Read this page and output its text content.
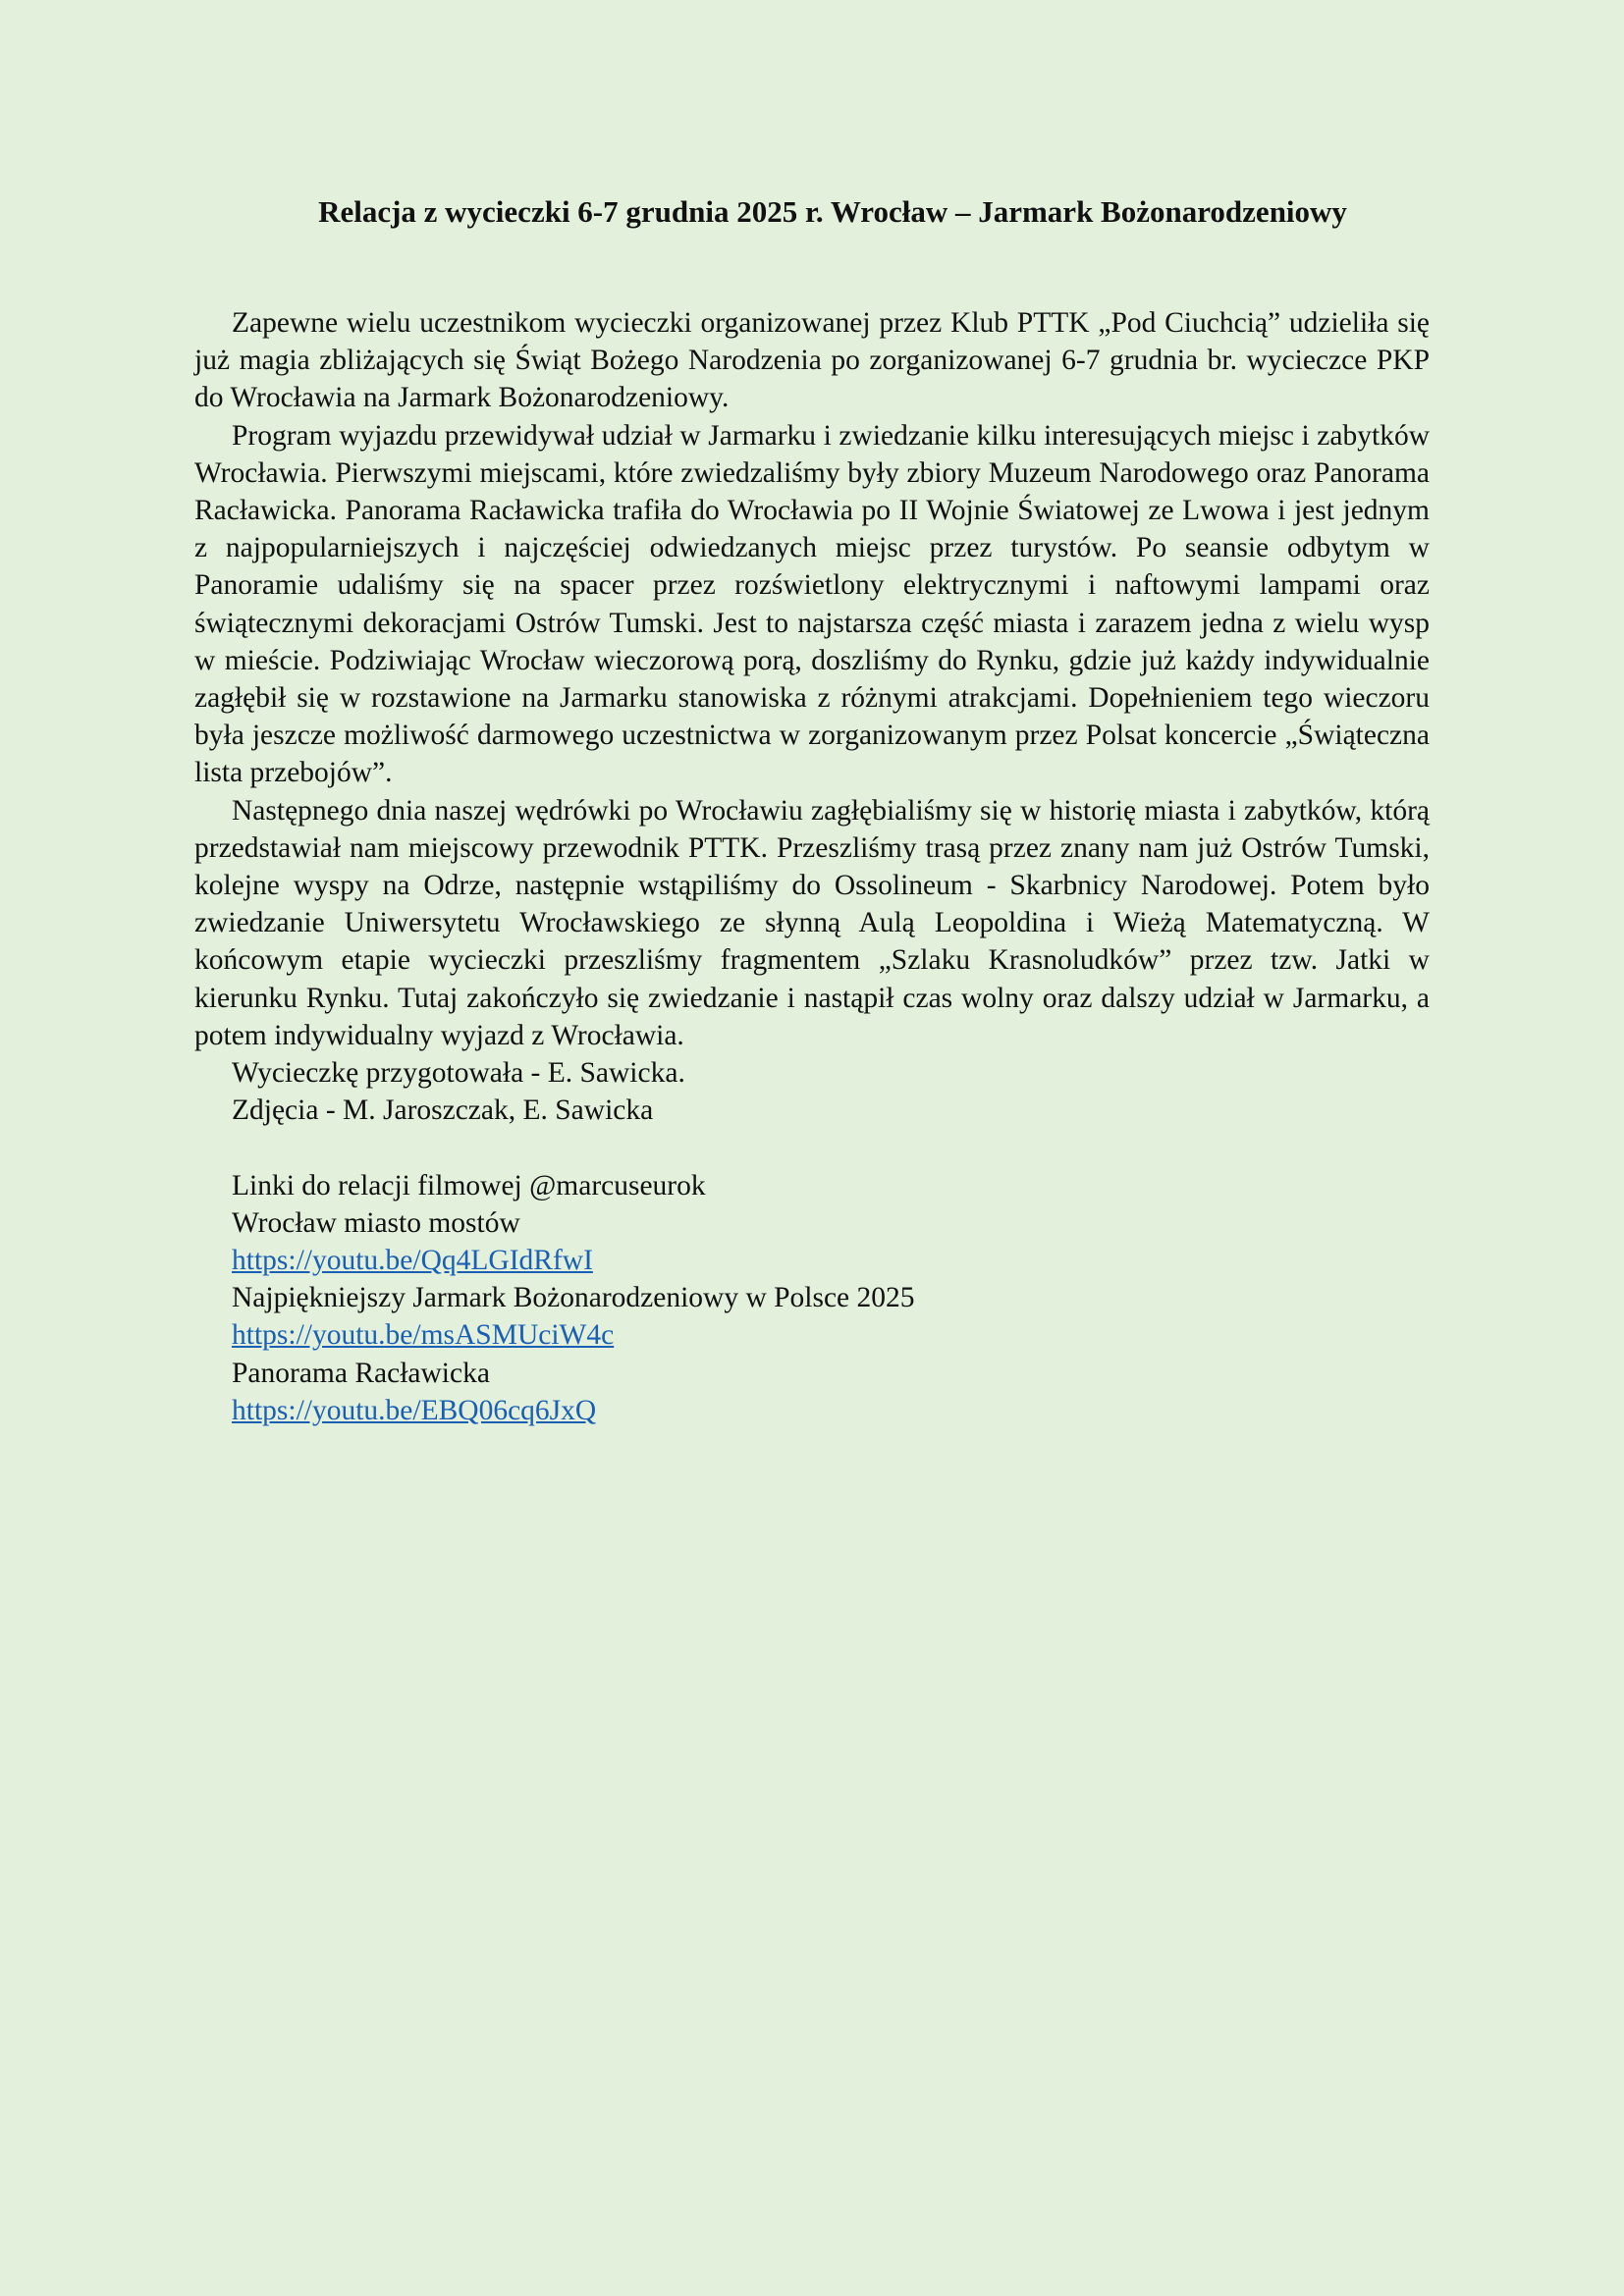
Relacja z wycieczki 6-7 grudnia 2025 r. Wrocław – Jarmark Bożonarodzeniowy

Zapewne wielu uczestnikom wycieczki organizowanej przez Klub PTTK „Pod Ciuchcią” udzieliła się już magia zbliżających się Świąt Bożego Narodzenia po zorganizowanej 6-7 grudnia br. wycieczce PKP do Wrocławia na Jarmark Bożonarodzeniowy.

Program wyjazdu przewidywał udział w Jarmarku i zwiedzanie kilku interesujących miejsc i zabytków Wrocławia. Pierwszymi miejscami, które zwiedzaliśmy były zbiory Muzeum Narodowego oraz Panorama Racławicka. Panorama Racławicka trafiła do Wrocławia po II Wojnie Światowej ze Lwowa i jest jednym z najpopularniejszych i najczęściej odwiedzanych miejsc przez turystów. Po seansie odbytym w Panoramie udaliśmy się na spacer przez rozświetlony elektrycznymi i naftowymi lampami oraz świątecznymi dekoracjami Ostrów Tumski. Jest to najstarsza część miasta i zarazem jedna z wielu wysp w mieście. Podziwiając Wrocław wieczorową porą, doszliśmy do Rynku, gdzie już każdy indywidualnie zagłębił się w rozstawione na Jarmarku stanowiska z różnymi atrakcjami. Dopełnieniem tego wieczoru była jeszcze możliwość darmowego uczestnictwa w zorganizowanym przez Polsat koncercie „Świąteczna lista przebojów”.

Następnego dnia naszej wędrówki po Wrocławiu zagłębialiśmy się w historię miasta i zabytków, którą przedstawiał nam miejscowy przewodnik PTTK. Przeszliśmy trasą przez znany nam już Ostrów Tumski, kolejne wyspy na Odrze, następnie wstąpiliśmy do Ossolineum - Skarbnicy Narodowej. Potem było zwiedzanie Uniwersytetu Wrocławskiego ze słynną Aulą Leopoldina i Wieżą Matematyczną. W końcowym etapie wycieczki przeszliśmy fragmentem „Szlaku Krasnoludków” przez tzw. Jatki w kierunku Rynku. Tutaj zakończyło się zwiedzanie i nastąpił czas wolny oraz dalszy udział w Jarmarku, a potem indywidualny wyjazd z Wrocławia.

Wycieczkę przygotowała - E. Sawicka.
Zdjęcia - M. Jaroszczak, E. Sawicka
Linki do relacji filmowej @marcuseurok
Wrocław miasto mostów
https://youtu.be/Qq4LGIdRfwI
Najpiękniejszy Jarmark Bożonarodzeniowy w Polsce 2025
https://youtu.be/msASMUciW4c
Panorama Racławicka
https://youtu.be/EBQ06cq6JxQ
